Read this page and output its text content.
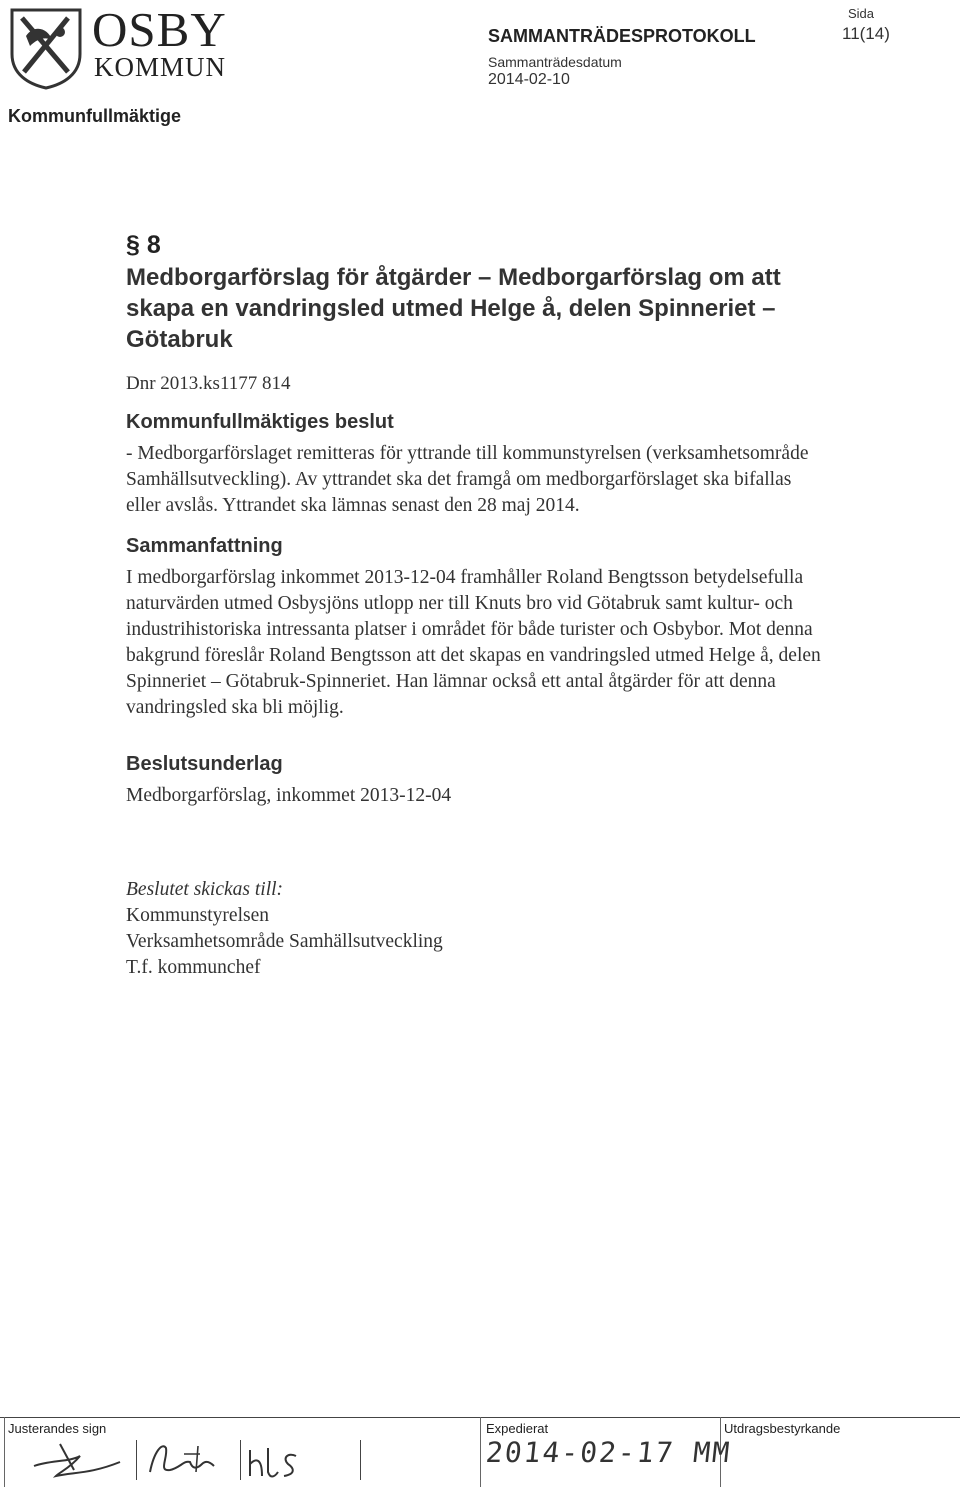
OSBY
KOMMUN
Kommunfullmäktige
SAMMANTRÄDESPROTOKOLL
Sammanträdesdatum
2014-02-10
Sida
11(14)

§ 8

Medborgarförslag för åtgärder – Medborgarförslag om att skapa en vandringsled utmed Helge å, delen Spinneriet – Götabruk

Dnr 2013.ks1177 814

Kommunfullmäktiges beslut

- Medborgarförslaget remitteras för yttrande till kommunstyrelsen (verksamhetsområde Samhällsutveckling). Av yttrandet ska det framgå om medborgarförslaget ska bifallas eller avslås. Yttrandet ska lämnas senast den 28 maj 2014.

Sammanfattning

I medborgarförslag inkommet 2013-12-04 framhåller Roland Bengtsson betydelsefulla naturvärden utmed Osbysjöns utlopp ner till Knuts bro vid Götabruk samt kultur- och industrihistoriska intressanta platser i området för både turister och Osbybor. Mot denna bakgrund föreslår Roland Bengtsson att det skapas en vandringsled utmed Helge å, delen Spinneriet – Götabruk-Spinneriet. Han lämnar också ett antal åtgärder för att denna vandringsled ska bli möjlig.

Beslutsunderlag

Medborgarförslag, inkommet 2013-12-04

Beslutet skickas till:

Kommunstyrelsen

Verksamhetsområde Samhällsutveckling

T.f. kommunchef

Justerandes sign	Expedierat	Utdragsbestyrkande
2014-02-17 MM
